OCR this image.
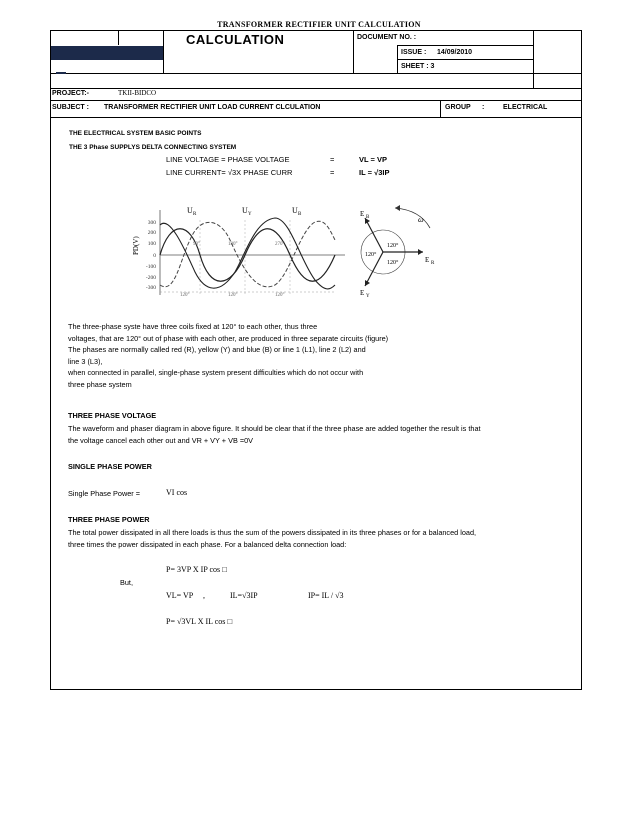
TRANSFORMER RECTIFIER UNIT CALCULATION
CALCULATION	DOCUMENT NO. :
ISSUE : 14/09/2010
SHEET : 3
PROJECT:-	TKII-BIDCO
SUBJECT : TRANSFORMER RECTIFIER UNIT LOAD CURRENT CLCULATION	GROUP :	ELECTRICAL
THE ELECTRICAL SYSTEM BASIC POINTS
THE 3 Phase SUPPLYS DELTA CONNECTING SYSTEM
LINE VOLTAGE = PHASE VOLTAGE	=	VL = VP
LINE CURRENT= √3X PHASE CURR	=	IL = √3IP
PD(V)
300
200
100
0
-100
-200
-300
U R	U Y	U B
90°	180°	270°
120°	120°	120°
E B
E R
E Y
ω
120°
120°
120°
The three-phase syste have three coils fixed at 120° to each other, thus three
voltages, that are 120° out of phase with each other, are produced in three separate circuits (figure)
The phases are normally called red (R), yellow (Y) and blue (B) or line 1 (L1), line 2 (L2) and
line 3 (L3),
when connected in parallel, single-phase system present difficulties which do not occur with
three phase system
THREE PHASE VOLTAGE
The waveform and phaser diagram in above figure. It should be clear that if the three phase are added together the result is that
the voltage cancel each other out and VR + VY + VB =0V
SINGLE PHASE POWER
Single Phase Power =	VI cos
THREE PHASE POWER
The total power dissipated in all there loads is thus the sum of the powers dissipated in its three phases or for a balanced load,
three times the power dissipated in each phase. For a balanced delta connection load:
P= 3VP X IP cos □
But,
VL= VP     ,	IL=√3IP	IP= IL / √3
P= √3VL X IL cos □
